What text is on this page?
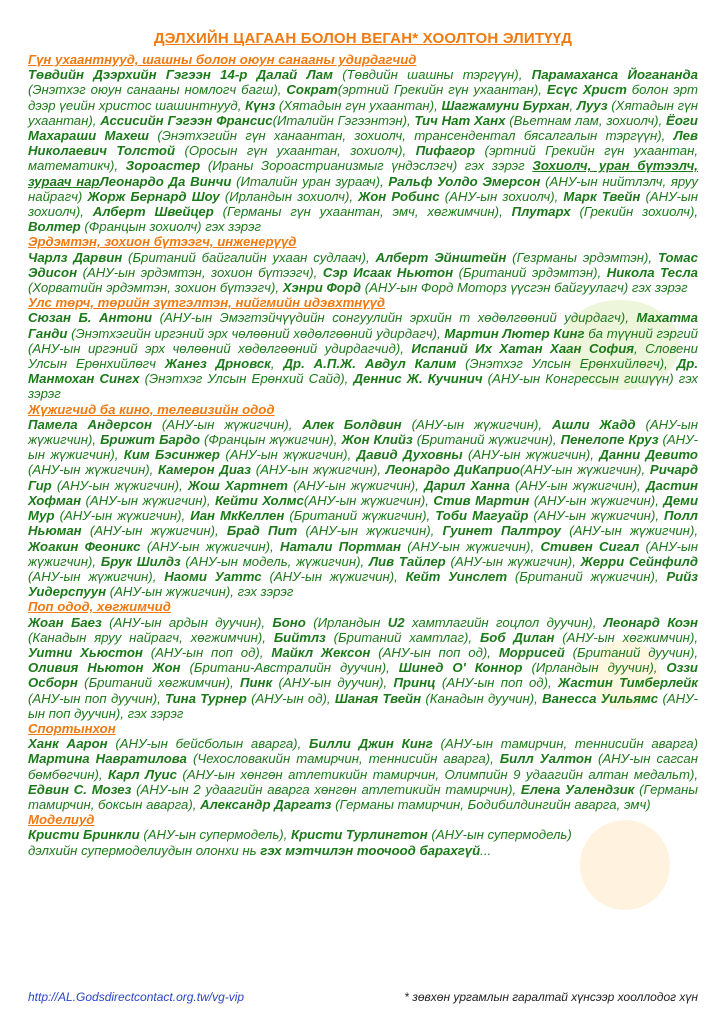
ДЭЛХИЙН ЦАГААН БОЛОН ВЕГАН* ХООЛТОН ЭЛИТҮҮД
Гүн ухаантнууд, шашны болон оюун санааны удирдагчид
Төвдийн Дээрхийн Гэгээн 14-р Далай Лам (Төвдийн шашны тэргүүн), Парамаханса Йогананда (Энэтхэг оюун санааны номлогч багш), Сократ(эртний Грекийн гүн ухаантан), Есүс Христ болон эрт дээр үеийн христос шашинтнууд, Күнз (Хятадын гүн ухаантан), Шагжамуни Бурхан, Лууз (Хятадын гүн ухаантан), Ассисийн Гэгээн Франсис(Италийн Гэгээнтэн), Тич Нат Ханх (Вьетнам лам, зохиолч), Ёоги Махараши Махеш (Энэтхэгийн гүн ханаантан, зохиолч, трансендентал бясалгалын тэргүүн), Лев Николаевич Толстой (Оросын гүн ухаантан, зохиолч), Пифагор (эртний Грекийн гүн ухаантан, математикч), Зороастер (Ираны Зороастрианизмыг үндэслэгч) гэх зэрэг Зохиолч, уран бүтээлч, зураач нарЛеонардо Да Винчи (Италийн уран зураач), Ральф Уолдо Эмерсон (АНУ-ын нийтлэлч, яруу найрагч) Жорж Бернард Шоу (Ирландын зохиолч), Жон Робинс (АНУ-ын зохиолч), Марк Твейн (АНУ-ын зохиолч), Алберт Швейцер (Германы гүн ухаантан, эмч, хөгжимчин), Плутарх (Грекийн зохиолч), Волтер (Францын зохиолч) гэх зэрэг
Эрдэмтэн, зохион бүтээгч, инженерүүд
Чарлз Дарвин (Британий байгалийн ухаан судлаач), Алберт Эйнштейн (Гезрманы эрдэмтэн), Томас Эдисон (АНУ-ын эрдэмтэн, зохион бүтээгч), Сэр Исаак Ньютон (Британий эрдэмтэн), Никола Тесла (Хорватийн эрдэмтэн, зохион бүтээгч), Хэнри Форд (АНУ-ын Форд Моторз үүсгэн байгуулагч) гэх зэрэг
Улс төрч, төрийн зүтгэлтэн, нийгмийн идэвхтнүүд
Сюзан Б. Антони (АНУ-ын Эмэгтэйчүүдийн сонгуулийн эрхийн т хөдөлгөөний удирдагч), Махатма Ганди (Энэтхэгийн иргэний эрх чөлөөний хөдөлгөөний удирдагч), Мартин Лютер Кинг ба түүний гэргий (АНУ-ын иргэний эрх чөлөөний хөдөлгөөний удирдагчид), Испаний Их Хатан Хаан София, Словени Улсын Ерөнхийлөгч Жанез Дрновск, Др. А.П.Ж. Авдул Калим (Энэтхэг Улсын Ерөнхийлөгч), Др. Манмохан Сингх (Энэтхэг Улсын Ерөнхий Сайд), Деннис Ж. Кучинич (АНУ-ын Конгрессын гишүүн) гэх зэрэг
Жүжигчид ба кино, телевизийн одод
Памела Андерсон (АНУ-ын жүжигчин), Алек Болдвин (АНУ-ын жүжигчин), Ашли Жадд (АНУ-ын жүжигчин), Брижит Бардо (Францын жүжигчин), Жон Клийз (Британий жүжигчин), Пенелопе Круз (АНУ-ын жүжигчин), Ким Бэсинжер (АНУ-ын жүжигчин), Давид Духовны (АНУ-ын жүжигчин), Данни Девито (АНУ-ын жүжигчин), Камерон Диаз (АНУ-ын жүжигчин), Леонардо ДиКаприо(АНУ-ын жүжигчин), Ричард Гир (АНУ-ын жүжигчин), Жош Хартнет (АНУ-ын жүжигчин), Дарил Ханна (АНУ-ын жүжигчин), Дастин Хофман (АНУ-ын жүжигчин), Кейти Холмс(АНУ-ын жүжигчин), Стив Мартин (АНУ-ын жүжигчин), Деми Мур (АНУ-ын жүжигчин), Иан МкКеллен (Британий жүжигчин), Тоби Магуайр (АНУ-ын жүжигчин), Полл Ньюман (АНУ-ын жүжигчин), Брад Пит (АНУ-ын жүжигчин), Гуинет Палтроу (АНУ-ын жүжигчин), Жоакин Феоникс (АНУ-ын жүжигчин), Натали Портман (АНУ-ын жүжигчин), Стивен Сигал (АНУ-ын жүжигчин), Брук Шилдз (АНУ-ын модель, жүжигчин), Лив Тайлер (АНУ-ын жүжигчин), Жерри Сейнфилд (АНУ-ын жүжигчин), Наоми Уаттс (АНУ-ын жүжигчин), Кейт Уинслет (Британий жүжигчин), Рийз Уидерспуун (АНУ-ын жүжигчин), гэх зэрэг
Поп одод, хөгжимчид
Жоан Баез (АНУ-ын ардын дуучин), Боно (Ирландын U2 хамтлагийн гоцлол дуучин), Леонард Коэн (Канадын яруу найрагч, хөгжимчин), Бийтлз (Британий хамтлаг), Боб Дилан (АНУ-ын хөгжимчин), Уитни Хьюстон (АНУ-ын поп од), Майкл Жексон (АНУ-ын поп од), Моррисей (Британий дуучин), Оливия Ньютон Жон (Британи-Австралийн дуучин), Шинед О' Коннор (Ирландын дуучин), Оззи Осборн (Британий хөгжимчин), Пинк (АНУ-ын дуучин), Принц (АНУ-ын поп од), Жастин Тимберлейк (АНУ-ын поп дуучин), Тина Турнер (АНУ-ын од), Шаная Твейн (Канадын дуучин), Ванесса Уильямс (АНУ-ын поп дуучин), гэх зэрэг
Спортынхон
Ханк Аарон (АНУ-ын бейсболын аварга), Билли Джин Кинг (АНУ-ын тамирчин, теннисийн аварга) Мартина Навратилова (Чехословакийн тамирчин, теннисийн аварга), Билл Уалтон (АНУ-ын сагсан бөмбөгчин), Карл Луис (АНУ-ын хөнгөн атлетикийн тамирчин, Олимпийн 9 удаагийн алтан медальт), Едвин С. Мозез (АНУ-ын 2 удаагийн аварга хөнгөн атлетикийн тамирчин), Елена Уалендзик (Германы тамирчин, боксын аварга), Александр Даргатз (Германы тамирчин, Бодибилдингийн аварга, эмч)
Моделиуд
Кристи Бринкли (АНУ-ын супермодель), Кристи Турлингтон (АНУ-ын супермодель)
дэлхийн супермоделиудын олонхи нь гэх мэтчилэн тоочоод барахгүй...
http://AL.Godsdirectcontact.org.tw/vg-vip	* зөвхөн ургамлын гаралтай хүнсээр хооллодог хүн
